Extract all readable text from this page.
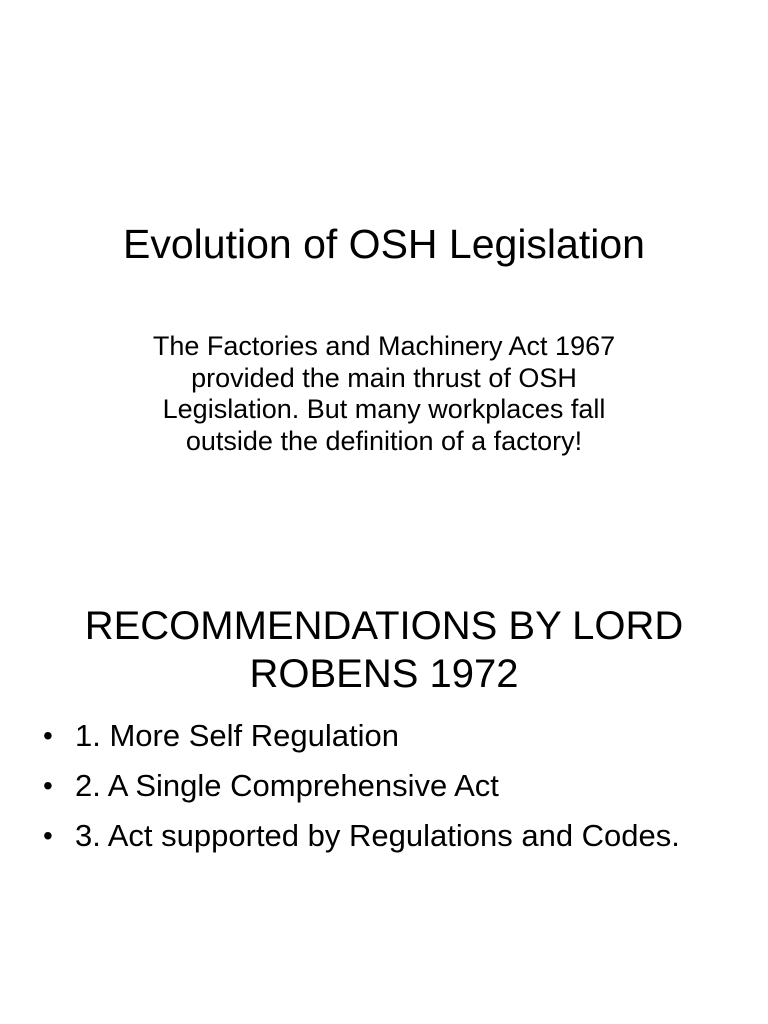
Evolution of OSH Legislation
The Factories and Machinery Act 1967
provided the main thrust of OSH
Legislation. But many workplaces fall
outside the definition of a factory!
RECOMMENDATIONS BY LORD
ROBENS 1972
• 1. More Self Regulation
• 2. A Single Comprehensive Act
• 3. Act supported by Regulations and Codes.
